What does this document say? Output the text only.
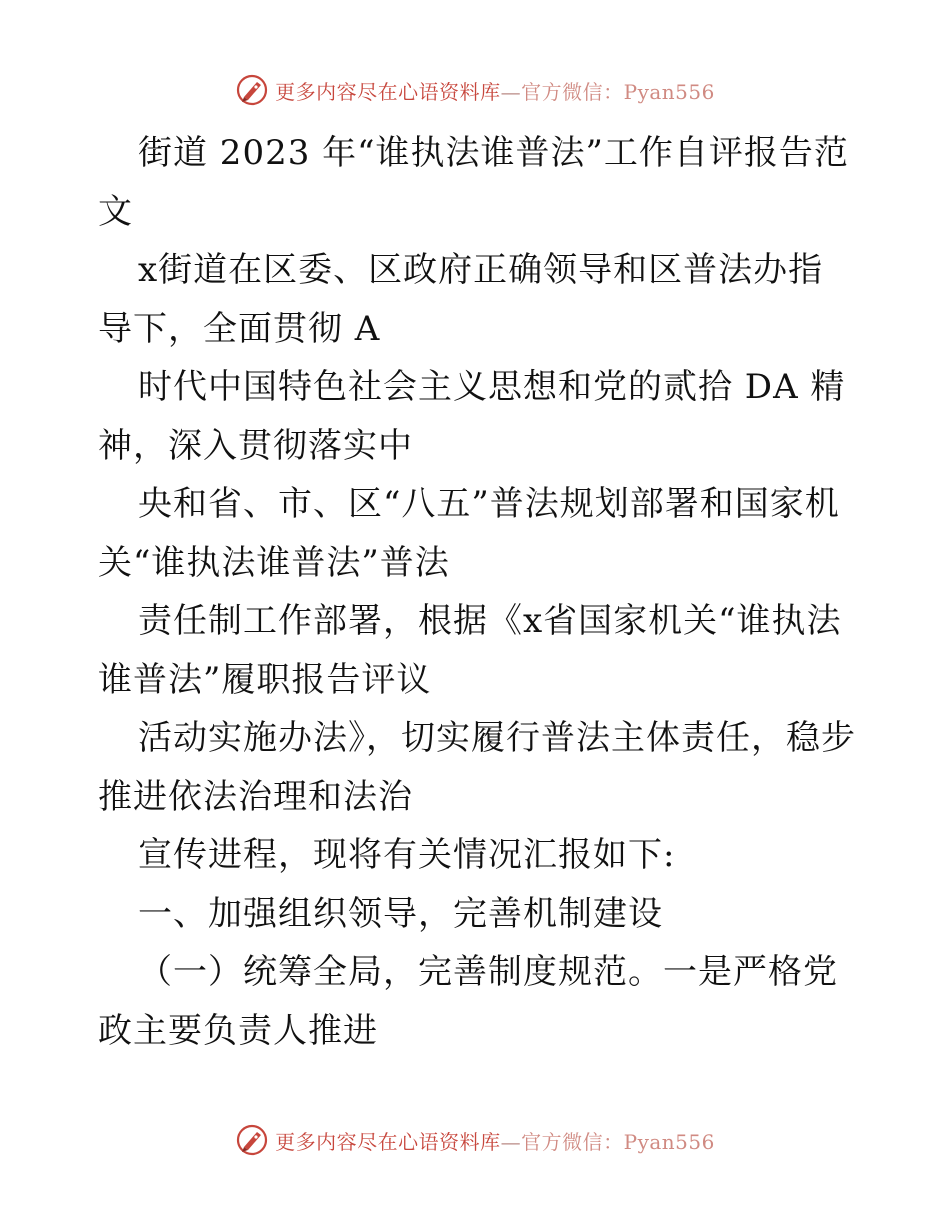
更多内容尽在心语资料库—官方微信：Pyan556

街道 2023 年“谁执法谁普法”工作自评报告范文

x街道在区委、区政府正确领导和区普法办指导下，全面贯彻 A

时代中国特色社会主义思想和党的贰拾 DA 精神，深入贯彻落实中

央和省、市、区“八五”普法规划部署和国家机关“谁执法谁普法”普法

责任制工作部署，根据《x省国家机关“谁执法谁普法”履职报告评议

活动实施办法》，切实履行普法主体责任，稳步推进依法治理和法治

宣传进程，现将有关情况汇报如下:

一、加强组织领导，完善机制建设

（一）统筹全局，完善制度规范。一是严格党政主要负责人推进

更多内容尽在心语资料库—官方微信：Pyan556
